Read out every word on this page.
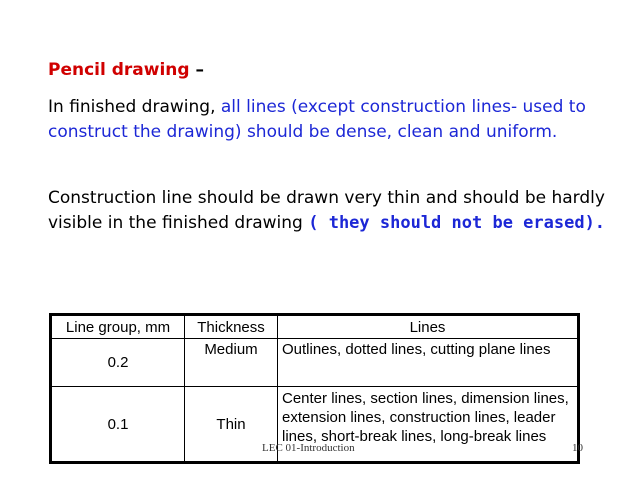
Pencil drawing –
In finished drawing, all lines (except construction lines- used to construct the drawing) should be dense, clean and uniform.
Construction line should be drawn very thin and should be hardly visible in the finished drawing ( they should not be erased).
Line group, mm	Thickness	Lines
0.2	Medium	Outlines, dotted lines, cutting plane lines
0.1	Thin	Center lines, section lines, dimension lines, extension lines, construction lines, leader lines, short-break lines, long-break lines
LEC 01-Introduction	10
